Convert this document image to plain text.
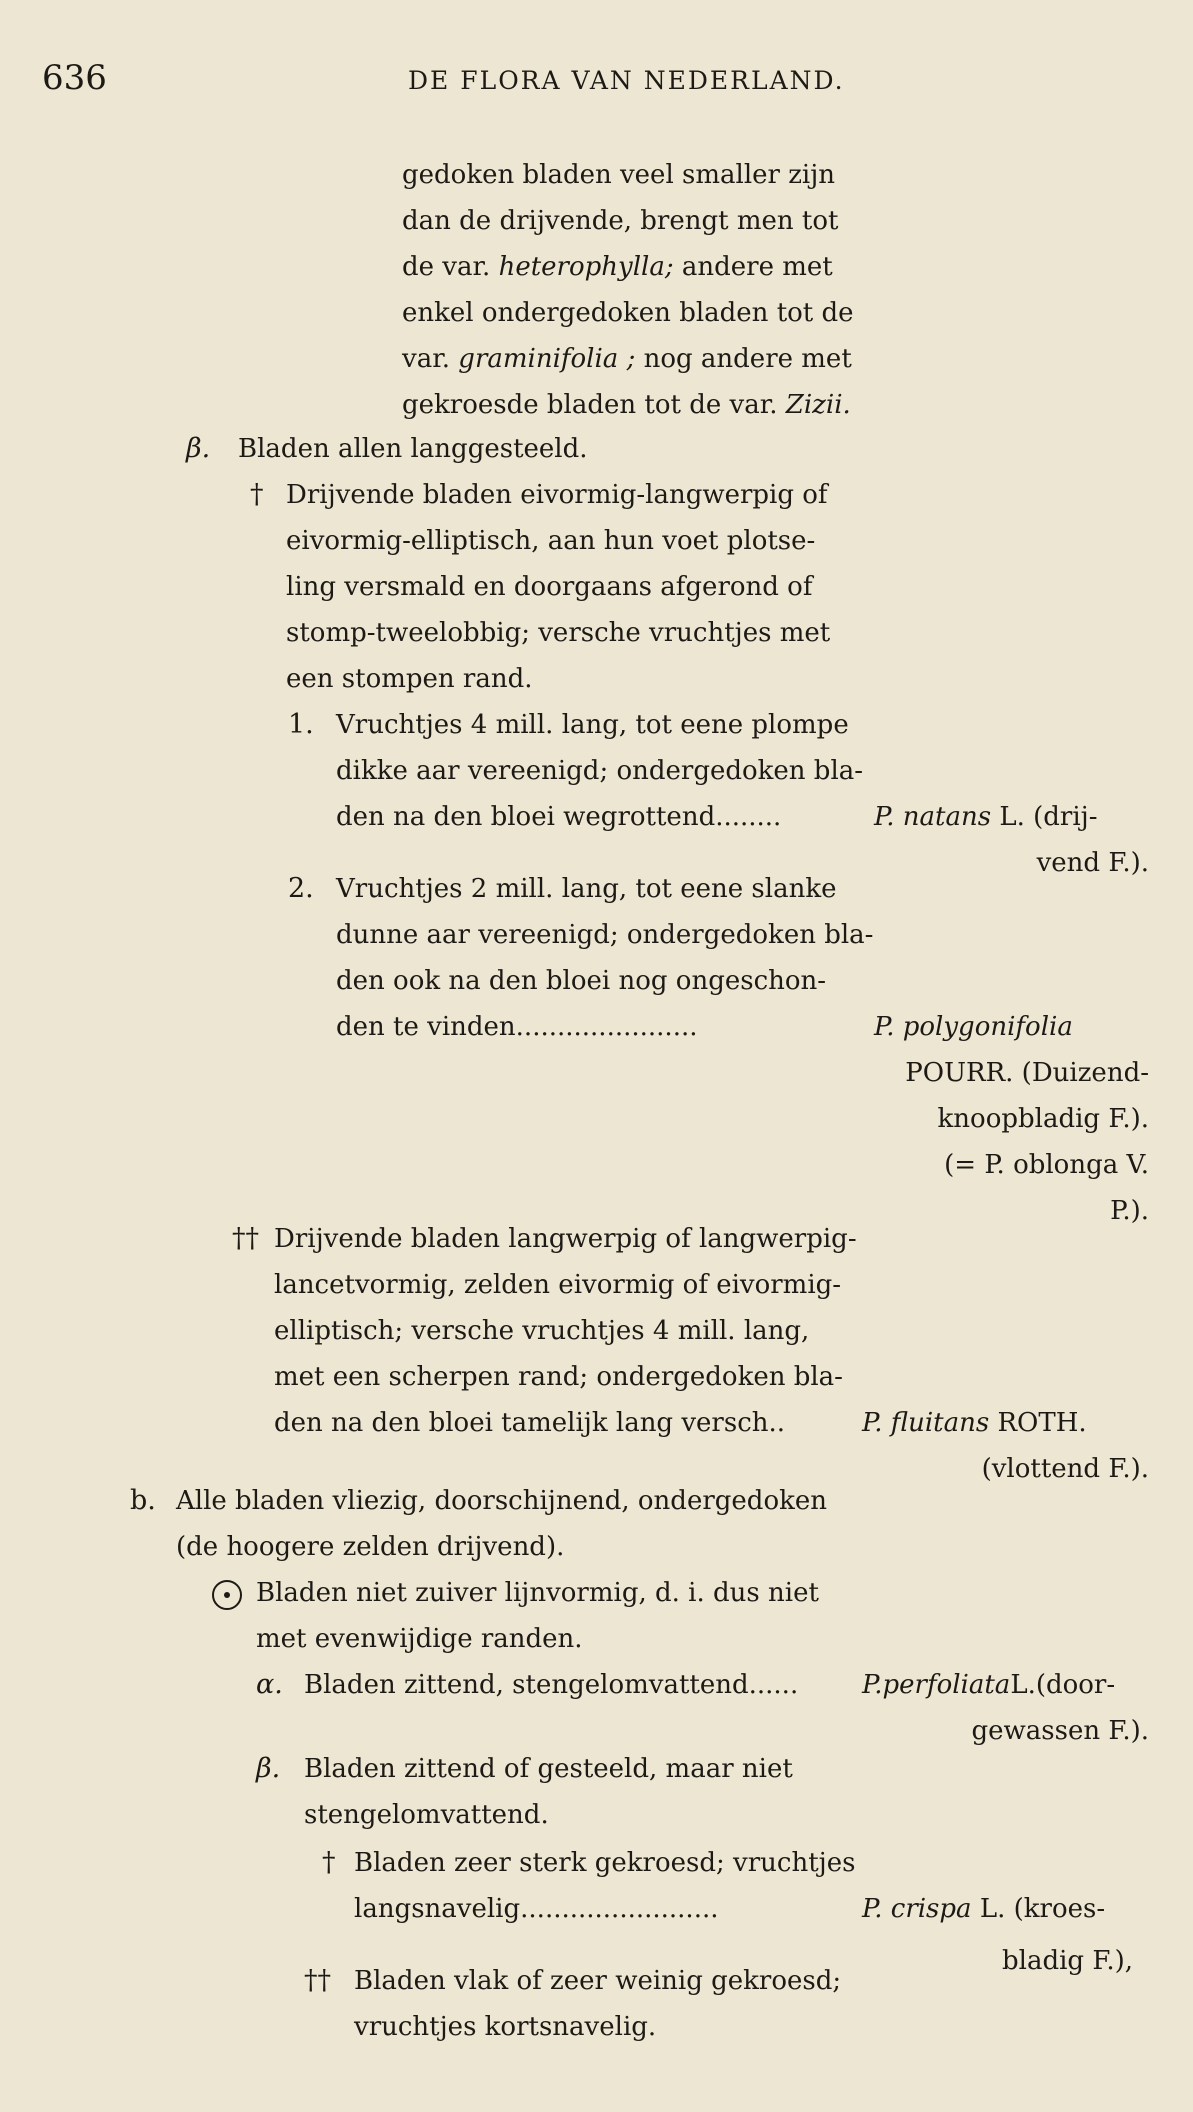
636	DE FLORA VAN NEDERLAND.
gedoken bladen veel smaller zijn
dan de drijvende, brengt men tot
de var. heterophylla; andere met
enkel ondergedoken bladen tot de
var. graminifolia ; nog andere met
gekroesde bladen tot de var. Zizii.
β. Bladen allen langgesteeld.
† Drijvende bladen eivormig-langwerpig of
eivormig-elliptisch, aan hun voet plotse-
ling versmald en doorgaans afgerond of
stomp-tweelobbig; versche vruchtjes met
een stompen rand.
1. Vruchtjes 4 mill. lang, tot eene plompe
dikke aar vereenigd; ondergedoken bla-
den na den bloei wegrottend........	P. natans L. (drij-
vend F.).
2. Vruchtjes 2 mill. lang, tot eene slanke
dunne aar vereenigd; ondergedoken bla-
den ook na den bloei nog ongeschon-
den te vinden......................	P. polygonifolia
POURR. (Duizend-
knoopbladig F.).
(= P. oblonga V.
P.).
†† Drijvende bladen langwerpig of langwerpig-
lancetvormig, zelden eivormig of eivormig-
elliptisch; versche vruchtjes 4 mill. lang,
met een scherpen rand; ondergedoken bla-
den na den bloei tamelijk lang versch..	P. fluitans ROTH.
(vlottend F.).
b. Alle bladen vliezig, doorschijnend, ondergedoken
(de hoogere zelden drijvend).
Bladen niet zuiver lijnvormig, d. i. dus niet
met evenwijdige randen.
α. Bladen zittend, stengelomvattend...... P.perfoliataL.(door-
gewassen F.).
β. Bladen zittend of gesteeld, maar niet
stengelomvattend.
† Bladen zeer sterk gekroesd; vruchtjes
langsnavelig........................	P. crispa L. (kroes-
bladig F.),
†† Bladen vlak of zeer weinig gekroesd;
vruchtjes kortsnavelig.
